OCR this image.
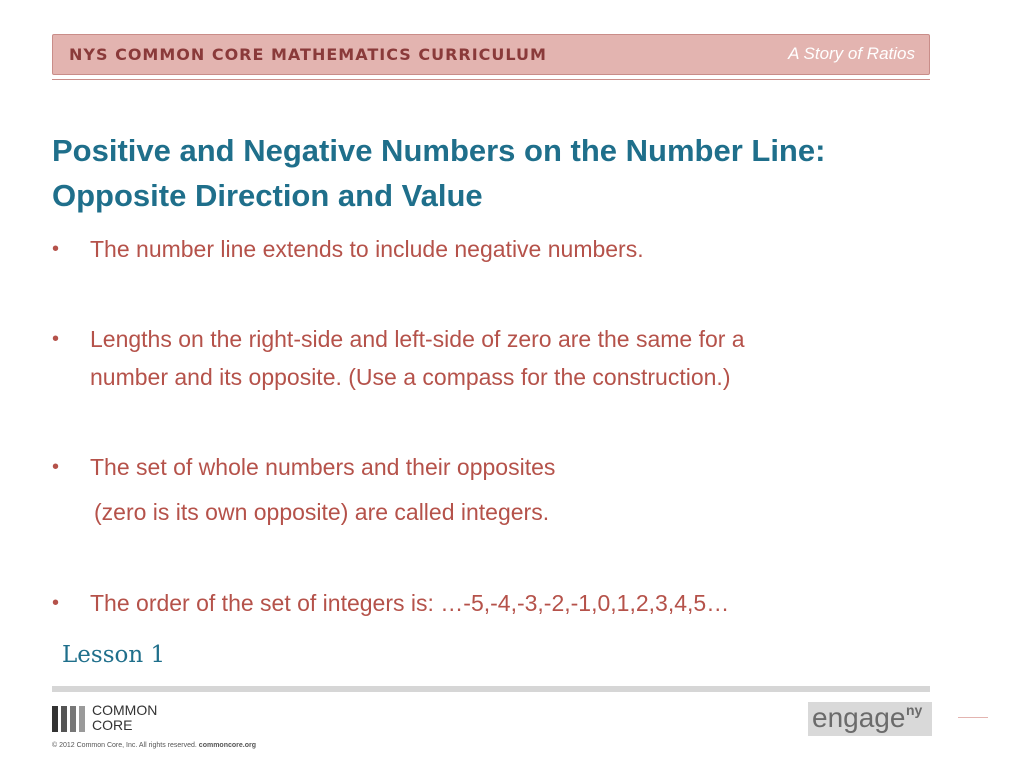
NYS COMMON CORE MATHEMATICS CURRICULUM	A Story of Ratios
Positive and Negative Numbers on the Number Line:
Opposite Direction and Value
• The number line extends to include negative numbers.
• Lengths on the right-side and left-side of zero are the same for a
number and its opposite. (Use a compass for the construction.)
• The set of whole numbers and their opposites
(zero is its own opposite) are called integers.
• The order of the set of integers is: …-5,-4,-3,-2,-1,0,1,2,3,4,5…
Lesson 1
COMMON
CORE
© 2012 Common Core, Inc. All rights reserved. commoncore.org
engage ny
